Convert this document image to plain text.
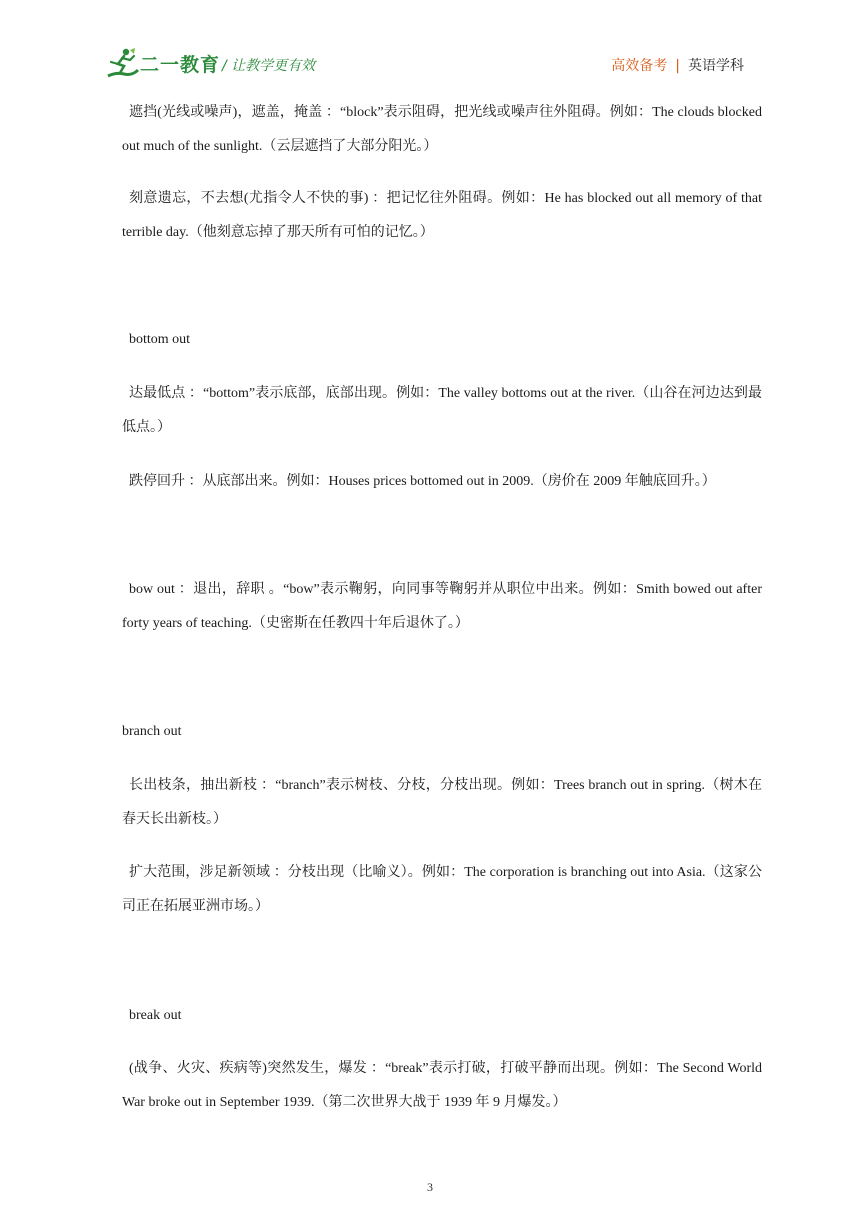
二一教育 / 让教学更有效	高效备考 | 英语学科

遮挡(光线或噪声)，遮盖，掩盖 ：“block”表示阻碍，把光线或噪声往外阻碍。例如：The clouds blocked out much of the sunlight.（云层遮挡了大部分阳光。）

刻意遗忘，不去想(尤指令人不快的事) ：把记忆往外阻碍。例如：He has blocked out all memory of that terrible day.（他刻意忘掉了那天所有可怕的记忆。）

bottom out

达最低点 ：“bottom”表示底部，底部出现。例如：The valley bottoms out at the river.（山谷在河边达到最低点。）

跌停回升 ：从底部出来。例如：Houses prices bottomed out in 2009.（房价在 2009 年触底回升。）

bow out ：退出，辞职 。“bow”表示鞠躬，向同事等鞠躬并从职位中出来。例如：Smith bowed out after forty years of teaching.（史密斯在任教四十年后退休了。）

branch out

长出枝条，抽出新枝 ：“branch”表示树枝、分枝，分枝出现。例如：Trees branch out in spring.（树木在春天长出新枝。）

扩大范围，涉足新领域 ：分枝出现（比喻义）。例如：The corporation is branching out into Asia.（这家公司正在拓展亚洲市场。）

break out

(战争、火灾、疾病等)突然发生，爆发 ：“break”表示打破，打破平静而出现。例如：The Second World War broke out in September 1939.（第二次世界大战于 1939 年 9 月爆发。）

3
